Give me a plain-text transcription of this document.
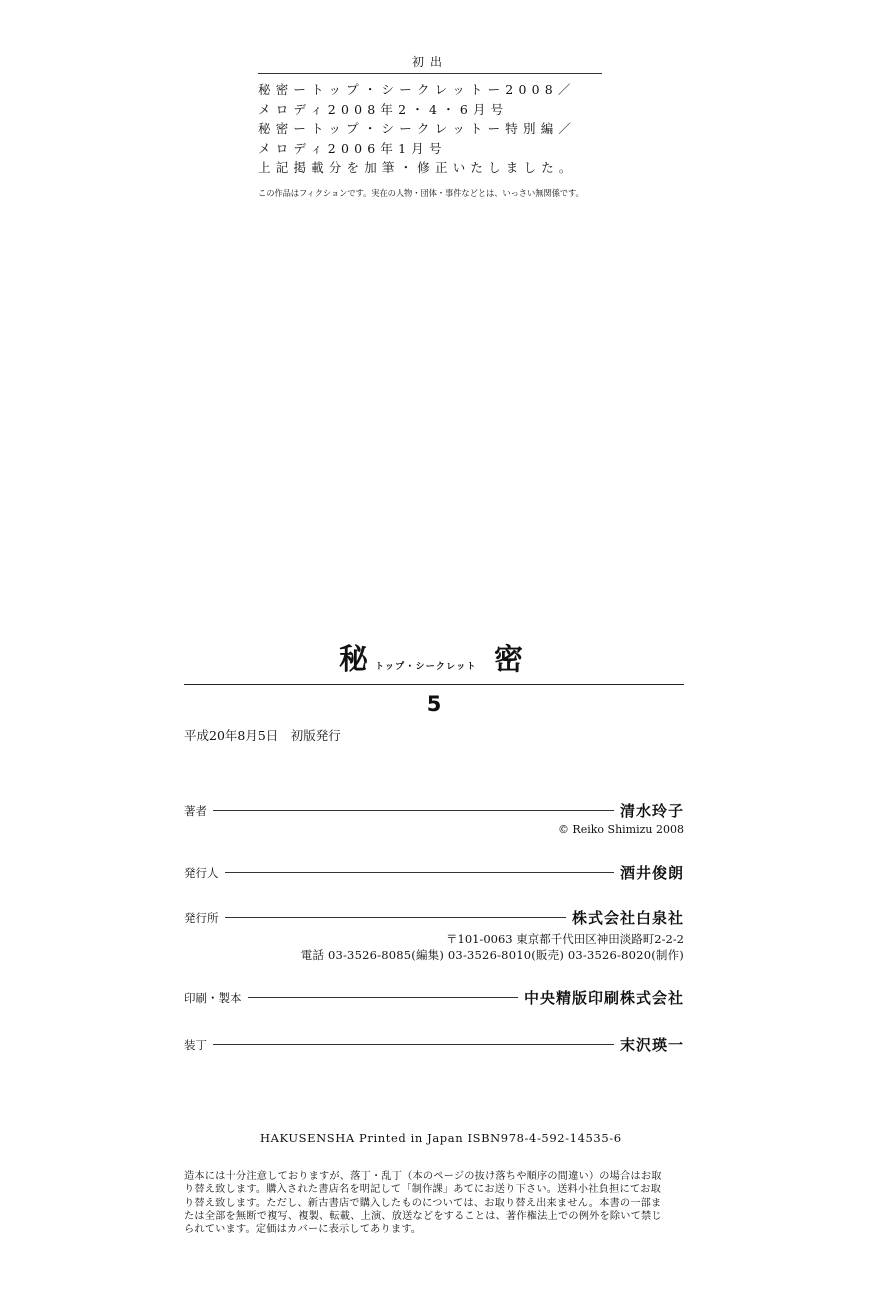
初出
秘密ートップ・シークレットー2008／
メロディ2008年2・4・6月号
秘密ートップ・シークレットー特別編／
メロディ2006年1月号
上記掲載分を加筆・修正いたしました。
この作品はフィクションです。実在の人物・団体・事件などとは、いっさい無関係です。
秘 トップ・シークレット 密
5
平成20年8月5日　初版発行
著者	清水玲子
© Reiko Shimizu 2008
発行人	酒井俊朗
発行所	株式会社白泉社
〒101-0063 東京都千代田区神田淡路町2-2-2
電話 03-3526-8085(編集) 03-3526-8010(販売) 03-3526-8020(制作)
印刷・製本	中央精版印刷株式会社
装丁	末沢瑛一
HAKUSENSHA Printed in Japan ISBN978-4-592-14535-6
造本には十分注意しておりますが、落丁・乱丁（本のページの抜け落ちや順序の間違い）の場合はお取
り替え致します。購入された書店名を明記して「制作課」あてにお送り下さい。送料小社負担にてお取
り替え致します。ただし、新古書店で購入したものについては、お取り替え出来ません。本書の一部ま
たは全部を無断で複写、複製、転載、上演、放送などをすることは、著作権法上での例外を除いて禁じ
られています。定価はカバーに表示してあります。
